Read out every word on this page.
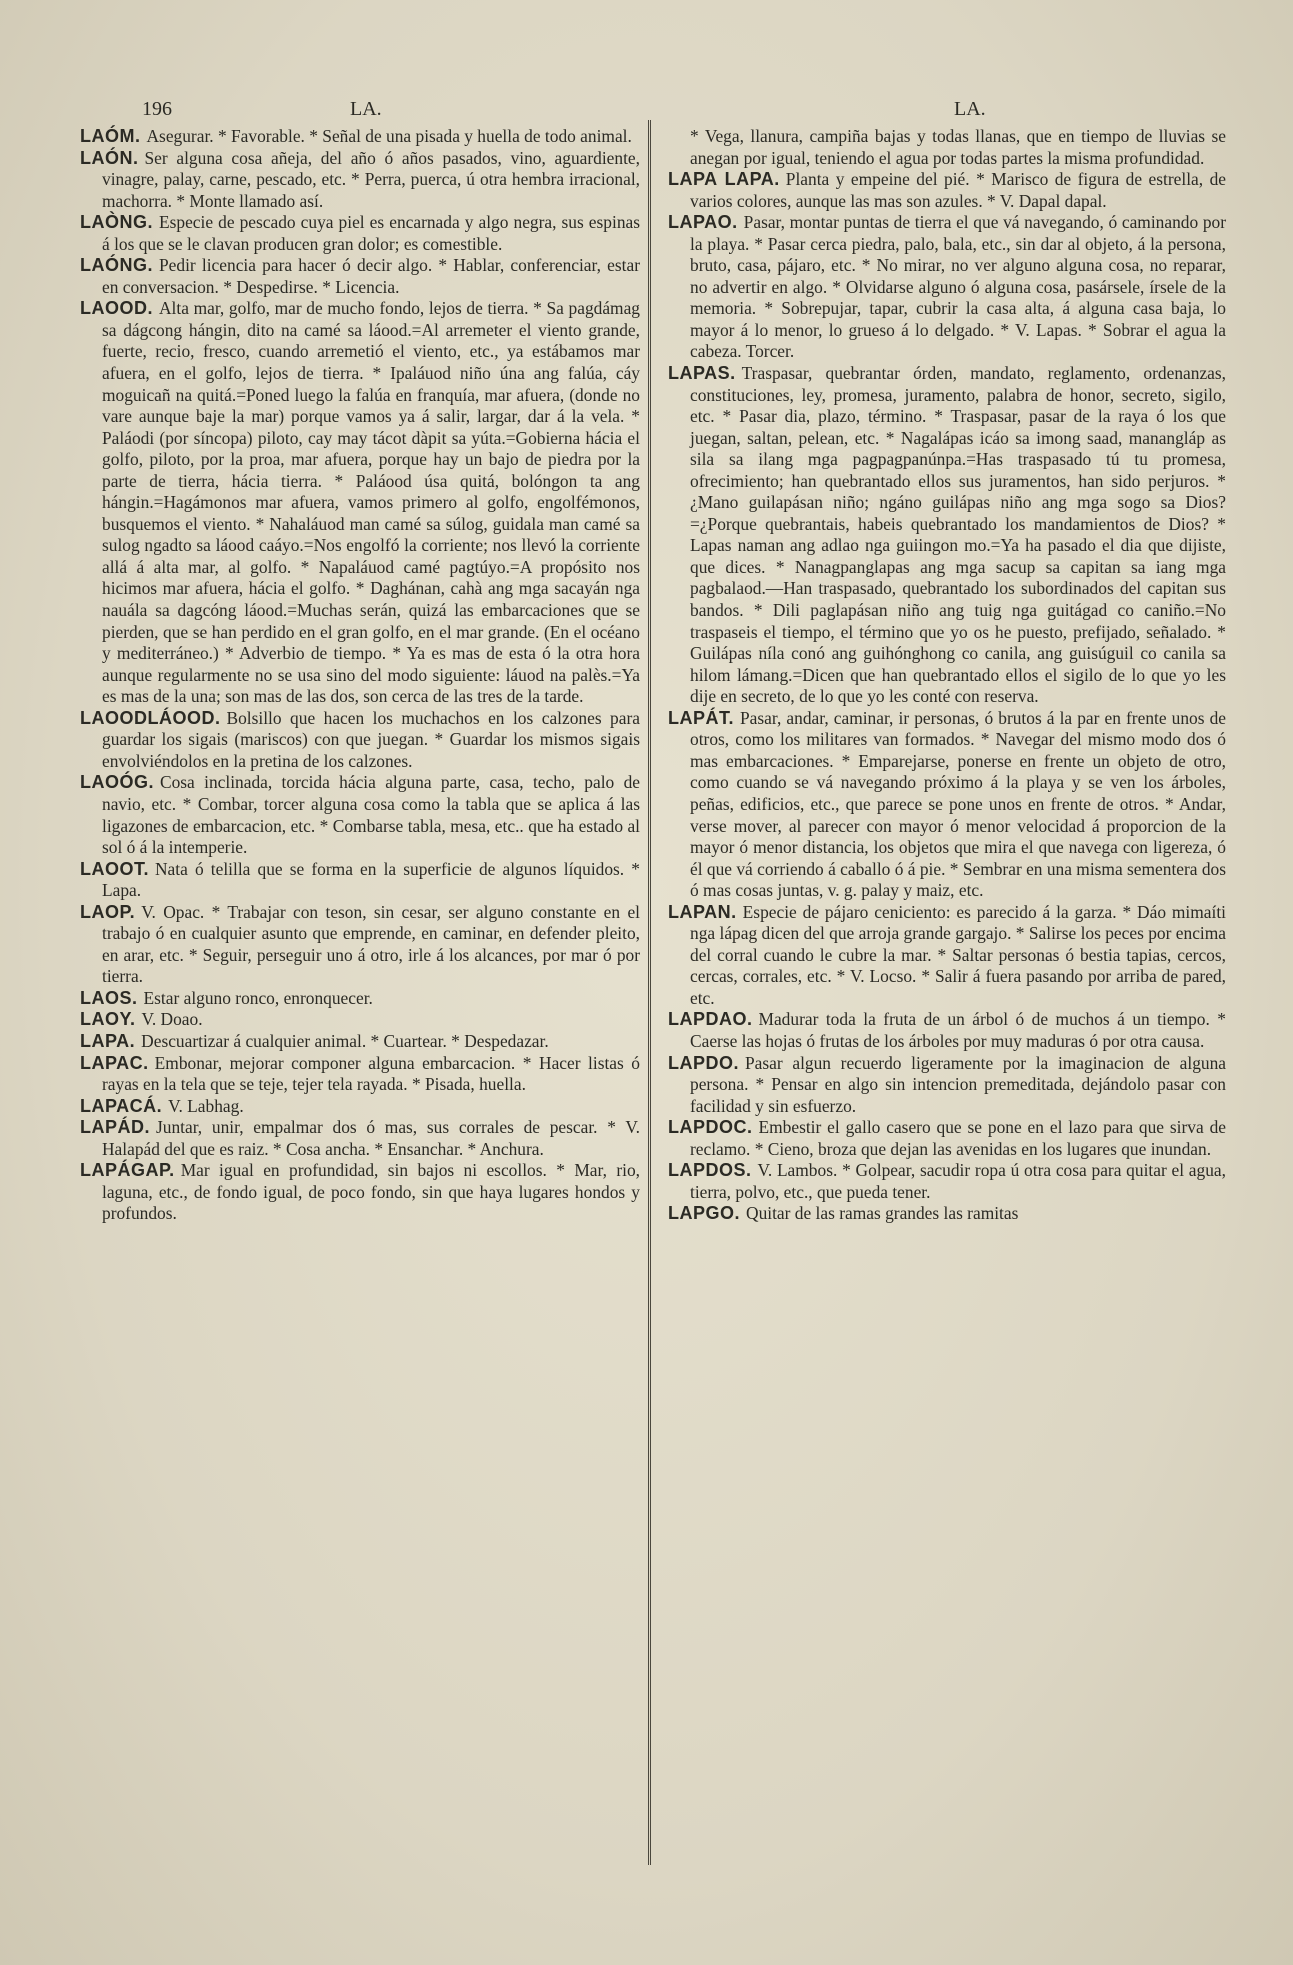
196	LA.	LA.

LAÓM. Asegurar. * Favorable. * Señal de una pisada y huella de todo animal.

LAÓN. Ser alguna cosa añeja, del año ó años pasados, vino, aguardiente, vinagre, palay, carne, pescado, etc. * Perra, puerca, ú otra hembra irracional, machorra. * Monte llamado así.

LAÒNG. Especie de pescado cuya piel es encarnada y algo negra, sus espinas á los que se le clavan producen gran dolor; es comestible.

LAÓNG. Pedir licencia para hacer ó decir algo. * Hablar, conferenciar, estar en conversacion. * Despedirse. * Licencia.

LAOOD. Alta mar, golfo, mar de mucho fondo, lejos de tierra. * Sa pagdámag sa dágcong hángin, dito na camé sa láood.=Al arremeter el viento grande, fuerte, recio, fresco, cuando arremetió el viento, etc., ya estábamos mar afuera, en el golfo, lejos de tierra. * Ipaláuod niño úna ang falúa, cáy moguicañ na quitá.=Poned luego la falúa en franquía, mar afuera, (donde no vare aunque baje la mar) porque vamos ya á salir, largar, dar á la vela. * Paláodi (por síncopa) piloto, cay may tácot dàpit sa yúta.=Gobierna hácia el golfo, piloto, por la proa, mar afuera, porque hay un bajo de piedra por la parte de tierra, hácia tierra. * Paláood úsa quitá, bolóngon ta ang hángin.=Hagámonos mar afuera, vamos primero al golfo, engolfémonos, busquemos el viento. * Nahaláuod man camé sa súlog, guidala man camé sa sulog ngadto sa láood caáyo.=Nos engolfó la corriente; nos llevó la corriente allá á alta mar, al golfo. * Napaláuod camé pagtúyo.=A propósito nos hicimos mar afuera, hácia el golfo. * Daghánan, cahà ang mga sacayán nga nauála sa dagcóng láood.=Muchas serán, quizá las embarcaciones que se pierden, que se han perdido en el gran golfo, en el mar grande. (En el océano y mediterráneo.) * Adverbio de tiempo. * Ya es mas de esta ó la otra hora aunque regularmente no se usa sino del modo siguiente: láuod na palès.=Ya es mas de la una; son mas de las dos, son cerca de las tres de la tarde.

LAOODLÁOOD. Bolsillo que hacen los muchachos en los calzones para guardar los sigais (mariscos) con que juegan. * Guardar los mismos sigais envolviéndolos en la pretina de los calzones.

LAOÓG. Cosa inclinada, torcida hácia alguna parte, casa, techo, palo de navio, etc. * Combar, torcer alguna cosa como la tabla que se aplica á las ligazones de embarcacion, etc. * Combarse tabla, mesa, etc.. que ha estado al sol ó á la intemperie.

LAOOT. Nata ó telilla que se forma en la superficie de algunos líquidos. * Lapa.

LAOP. V. Opac. * Trabajar con teson, sin cesar, ser alguno constante en el trabajo ó en cualquier asunto que emprende, en caminar, en defender pleito, en arar, etc. * Seguir, perseguir uno á otro, irle á los alcances, por mar ó por tierra.

LAOS. Estar alguno ronco, enronquecer.

LAOY. V. Doao.

LAPA. Descuartizar á cualquier animal. * Cuartear. * Despedazar.

LAPAC. Embonar, mejorar componer alguna embarcacion. * Hacer listas ó rayas en la tela que se teje, tejer tela rayada. * Pisada, huella.

LAPACÁ. V. Labhag.

LAPÁD. Juntar, unir, empalmar dos ó mas, sus corrales de pescar. * V. Halapád del que es raiz. * Cosa ancha. * Ensanchar. * Anchura.

LAPÁGAP. Mar igual en profundidad, sin bajos ni escollos. * Mar, rio, laguna, etc., de fondo igual, de poco fondo, sin que haya lugares hondos y profundos.

* Vega, llanura, campiña bajas y todas llanas, que en tiempo de lluvias se anegan por igual, teniendo el agua por todas partes la misma profundidad.

LAPA LAPA. Planta y empeine del pié. * Marisco de figura de estrella, de varios colores, aunque las mas son azules. * V. Dapal dapal.

LAPAO. Pasar, montar puntas de tierra el que vá navegando, ó caminando por la playa. * Pasar cerca piedra, palo, bala, etc., sin dar al objeto, á la persona, bruto, casa, pájaro, etc. * No mirar, no ver alguno alguna cosa, no reparar, no advertir en algo. * Olvidarse alguno ó alguna cosa, pasársele, írsele de la memoria. * Sobrepujar, tapar, cubrir la casa alta, á alguna casa baja, lo mayor á lo menor, lo grueso á lo delgado. * V. Lapas. * Sobrar el agua la cabeza. Torcer.

LAPAS. Traspasar, quebrantar órden, mandato, reglamento, ordenanzas, constituciones, ley, promesa, juramento, palabra de honor, secreto, sigilo, etc. * Pasar dia, plazo, término. * Traspasar, pasar de la raya ó los que juegan, saltan, pelean, etc. * Nagalápas icáo sa imong saad, manangláp as sila sa ilang mga pagpagpanúnpa.=Has traspasado tú tu promesa, ofrecimiento; han quebrantado ellos sus juramentos, han sido perjuros. * ¿Mano guilapásan niño; ngáno guilápas niño ang mga sogo sa Dios?=¿Porque quebrantais, habeis quebrantado los mandamientos de Dios? * Lapas naman ang adlao nga guiingon mo.=Ya ha pasado el dia que dijiste, que dices. * Nanagpanglapas ang mga sacup sa capitan sa iang mga pagbalaod.—Han traspasado, quebrantado los subordinados del capitan sus bandos. * Dili paglapásan niño ang tuig nga guitágad co caniño.=No traspaseis el tiempo, el término que yo os he puesto, prefijado, señalado. * Guilápas níla conó ang guihónghong co canila, ang guisúguil co canila sa hilom lámang.=Dicen que han quebrantado ellos el sigilo de lo que yo les dije en secreto, de lo que yo les conté con reserva.

LAPÁT. Pasar, andar, caminar, ir personas, ó brutos á la par en frente unos de otros, como los militares van formados. * Navegar del mismo modo dos ó mas embarcaciones. * Emparejarse, ponerse en frente un objeto de otro, como cuando se vá navegando próximo á la playa y se ven los árboles, peñas, edificios, etc., que parece se pone unos en frente de otros. * Andar, verse mover, al parecer con mayor ó menor velocidad á proporcion de la mayor ó menor distancia, los objetos que mira el que navega con ligereza, ó él que vá corriendo á caballo ó á pie. * Sembrar en una misma sementera dos ó mas cosas juntas, v. g. palay y maiz, etc.

LAPAN. Especie de pájaro ceniciento: es parecido á la garza. * Dáo mimaíti nga lápag dicen del que arroja grande gargajo. * Salirse los peces por encima del corral cuando le cubre la mar. * Saltar personas ó bestia tapias, cercos, cercas, corrales, etc. * V. Locso. * Salir á fuera pasando por arriba de pared, etc.

LAPDAO. Madurar toda la fruta de un árbol ó de muchos á un tiempo. * Caerse las hojas ó frutas de los árboles por muy maduras ó por otra causa.

LAPDO. Pasar algun recuerdo ligeramente por la imaginacion de alguna persona. * Pensar en algo sin intencion premeditada, dejándolo pasar con facilidad y sin esfuerzo.

LAPDOC. Embestir el gallo casero que se pone en el lazo para que sirva de reclamo. * Cieno, broza que dejan las avenidas en los lugares que inundan.

LAPDOS. V. Lambos. * Golpear, sacudir ropa ú otra cosa para quitar el agua, tierra, polvo, etc., que pueda tener.

LAPGO. Quitar de las ramas grandes las ramitas
